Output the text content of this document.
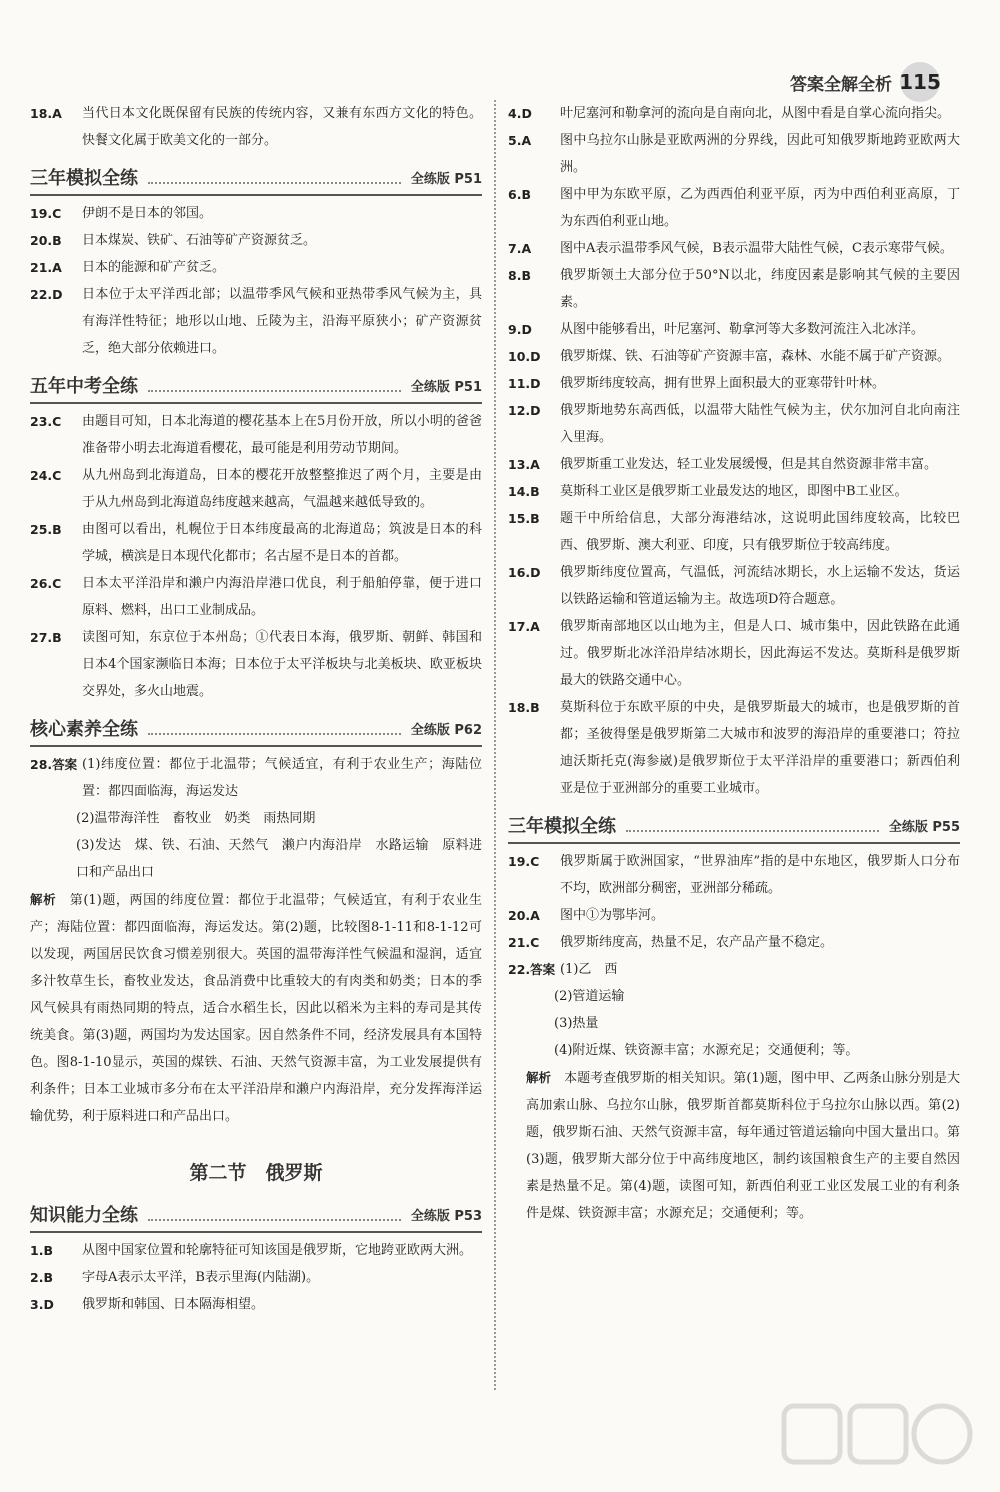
答案全解全析 115
18.A 当代日本文化既保留有民族的传统内容，又兼有东西方文化的特色。快餐文化属于欧美文化的一部分。
三年模拟全练	全练版 P51
19.C 伊朗不是日本的邻国。
20.B 日本煤炭、铁矿、石油等矿产资源贫乏。
21.A 日本的能源和矿产贫乏。
22.D 日本位于太平洋西北部；以温带季风气候和亚热带季风气候为主，具有海洋性特征；地形以山地、丘陵为主，沿海平原狭小；矿产资源贫乏，绝大部分依赖进口。
五年中考全练	全练版 P51
23.C 由题目可知，日本北海道的樱花基本上在5月份开放，所以小明的爸爸准备带小明去北海道看樱花，最可能是利用劳动节期间。
24.C 从九州岛到北海道岛，日本的樱花开放整整推迟了两个月，主要是由于从九州岛到北海道岛纬度越来越高，气温越来越低导致的。
25.B 由图可以看出，札幌位于日本纬度最高的北海道岛；筑波是日本的科学城，横滨是日本现代化都市；名古屋不是日本的首都。
26.C 日本太平洋沿岸和濑户内海沿岸港口优良，利于船舶停靠，便于进口原料、燃料，出口工业制成品。
27.B 读图可知，东京位于本州岛；①代表日本海，俄罗斯、朝鲜、韩国和日本4个国家濒临日本海；日本位于太平洋板块与北美板块、欧亚板块交界处，多火山地震。
核心素养全练	全练版 P62
28.答案 (1)纬度位置：都位于北温带；气候适宜，有利于农业生产；海陆位置：都四面临海，海运发达
(2)温带海洋性　畜牧业　奶类　雨热同期
(3)发达　煤、铁、石油、天然气　濑户内海沿岸　水路运输　原料进口和产品出口
解析　 第(1)题，两国的纬度位置：都位于北温带；气候适宜，有利于农业生产；海陆位置：都四面临海，海运发达。第(2)题，比较图8-1-11和8-1-12可以发现，两国居民饮食习惯差别很大。英国的温带海洋性气候温和湿润，适宜多汁牧草生长，畜牧业发达，食品消费中比重较大的有肉类和奶类；日本的季风气候具有雨热同期的特点，适合水稻生长，因此以稻米为主料的寿司是其传统美食。第(3)题，两国均为发达国家。因自然条件不同，经济发展具有本国特色。图8-1-10显示，英国的煤铁、石油、天然气资源丰富，为工业发展提供有利条件；日本工业城市多分布在太平洋沿岸和濑户内海沿岸，充分发挥海洋运输优势，利于原料进口和产品出口。
第二节　俄罗斯
知识能力全练	全练版 P53
1.B 从图中国家位置和轮廓特征可知该国是俄罗斯，它地跨亚欧两大洲。
2.B 字母A表示太平洋，B表示里海(内陆湖)。
3.D 俄罗斯和韩国、日本隔海相望。
4.D 叶尼塞河和勒拿河的流向是自南向北，从图中看是自掌心流向指尖。
5.A 图中乌拉尔山脉是亚欧两洲的分界线，因此可知俄罗斯地跨亚欧两大洲。
6.B 图中甲为东欧平原，乙为西西伯利亚平原，丙为中西伯利亚高原，丁为东西伯利亚山地。
7.A 图中A表示温带季风气候，B表示温带大陆性气候，C表示寒带气候。
8.B 俄罗斯领土大部分位于50°N以北，纬度因素是影响其气候的主要因素。
9.D 从图中能够看出，叶尼塞河、勒拿河等大多数河流注入北冰洋。
10.D 俄罗斯煤、铁、石油等矿产资源丰富，森林、水能不属于矿产资源。
11.D 俄罗斯纬度较高，拥有世界上面积最大的亚寒带针叶林。
12.D 俄罗斯地势东高西低，以温带大陆性气候为主，伏尔加河自北向南注入里海。
13.A 俄罗斯重工业发达，轻工业发展缓慢，但是其自然资源非常丰富。
14.B 莫斯科工业区是俄罗斯工业最发达的地区，即图中B工业区。
15.B 题干中所给信息，大部分海港结冰，这说明此国纬度较高，比较巴西、俄罗斯、澳大利亚、印度，只有俄罗斯位于较高纬度。
16.D 俄罗斯纬度位置高，气温低，河流结冰期长，水上运输不发达，货运以铁路运输和管道运输为主。故选项D符合题意。
17.A 俄罗斯南部地区以山地为主，但是人口、城市集中，因此铁路在此通过。俄罗斯北冰洋沿岸结冰期长，因此海运不发达。莫斯科是俄罗斯最大的铁路交通中心。
18.B 莫斯科位于东欧平原的中央，是俄罗斯最大的城市，也是俄罗斯的首都；圣彼得堡是俄罗斯第二大城市和波罗的海沿岸的重要港口；符拉迪沃斯托克(海参崴)是俄罗斯位于太平洋沿岸的重要港口；新西伯利亚是位于亚洲部分的重要工业城市。
三年模拟全练	全练版 P55
19.C 俄罗斯属于欧洲国家，“世界油库”指的是中东地区，俄罗斯人口分布不均，欧洲部分稠密，亚洲部分稀疏。
20.A 图中①为鄂毕河。
21.C 俄罗斯纬度高，热量不足，农产品产量不稳定。
22.答案 (1)乙　西
(2)管道运输
(3)热量
(4)附近煤、铁资源丰富；水源充足；交通便利；等。
解析　 本题考查俄罗斯的相关知识。第(1)题，图中甲、乙两条山脉分别是大高加索山脉、乌拉尔山脉，俄罗斯首都莫斯科位于乌拉尔山脉以西。第(2)题，俄罗斯石油、天然气资源丰富，每年通过管道运输向中国大量出口。第(3)题，俄罗斯大部分位于中高纬度地区，制约该国粮食生产的主要自然因素是热量不足。第(4)题，读图可知，新西伯利亚工业区发展工业的有利条件是煤、铁资源丰富；水源充足；交通便利；等。
